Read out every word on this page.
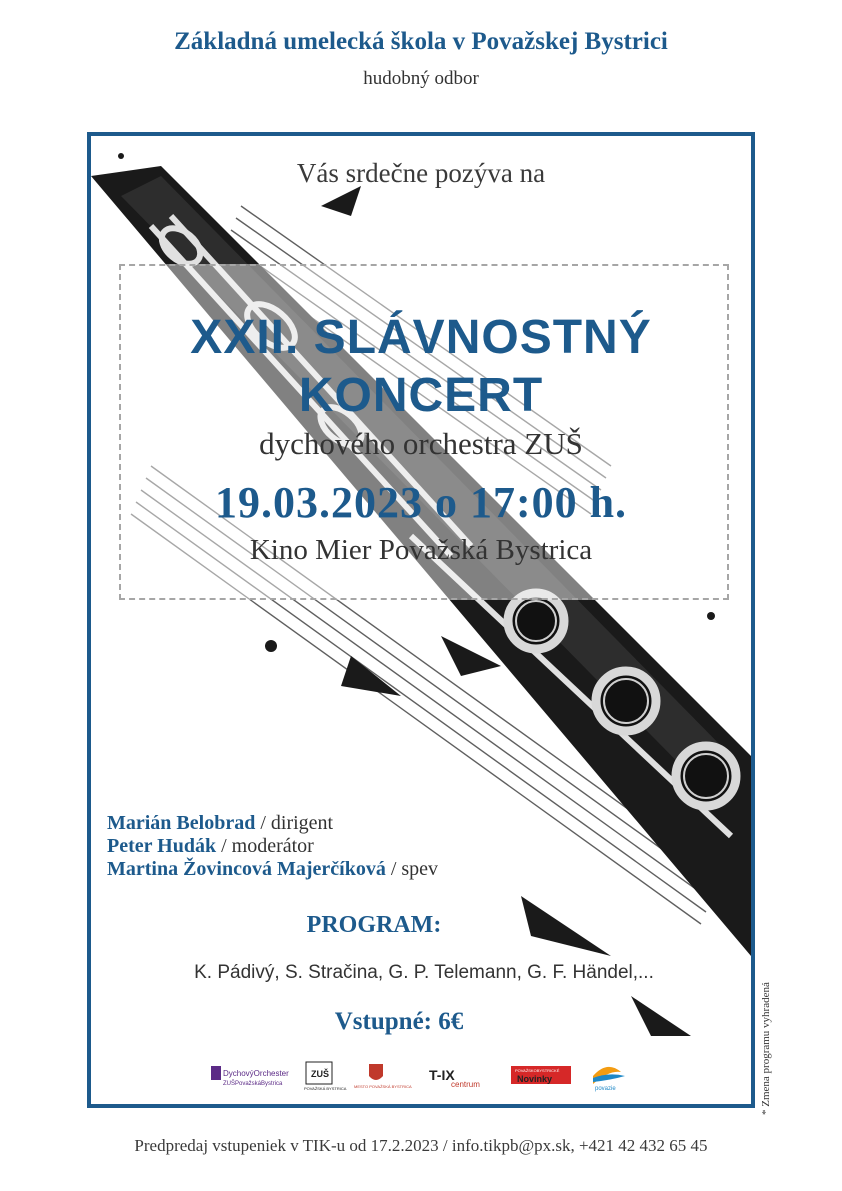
Základná umelecká škola v Považskej Bystrici
hudobný odbor
Vás srdečne pozýva na
XXII. SLÁVNOSTNÝ
KONCERT
dychového orchestra ZUŠ
19.03.2023 o 17:00 h.
Kino Mier Považská Bystrica
Marián Belobrad / dirigent
Peter Hudák / moderátor
Martina Žovincová Majerčíková / spev
PROGRAM:
K. Pádivý, S. Stračina, G. P. Telemann, G. F. Händel,...
Vstupné: 6€
DychovýOrchester
ZUŠPovažskáBystrica
ZUŠ
POVAŽSKÁ BYSTRICA MESTO POVAŽSKÁ BYSTRICA
T-IX
centrum
POVAŽSKOBYSTRICKÉ
Novinky
povazie	* Zmena programu vyhradená
Predpredaj vstupeniek v TIK-u od 17.2.2023 / info.tikpb@px.sk, +421 42 432 65 45
